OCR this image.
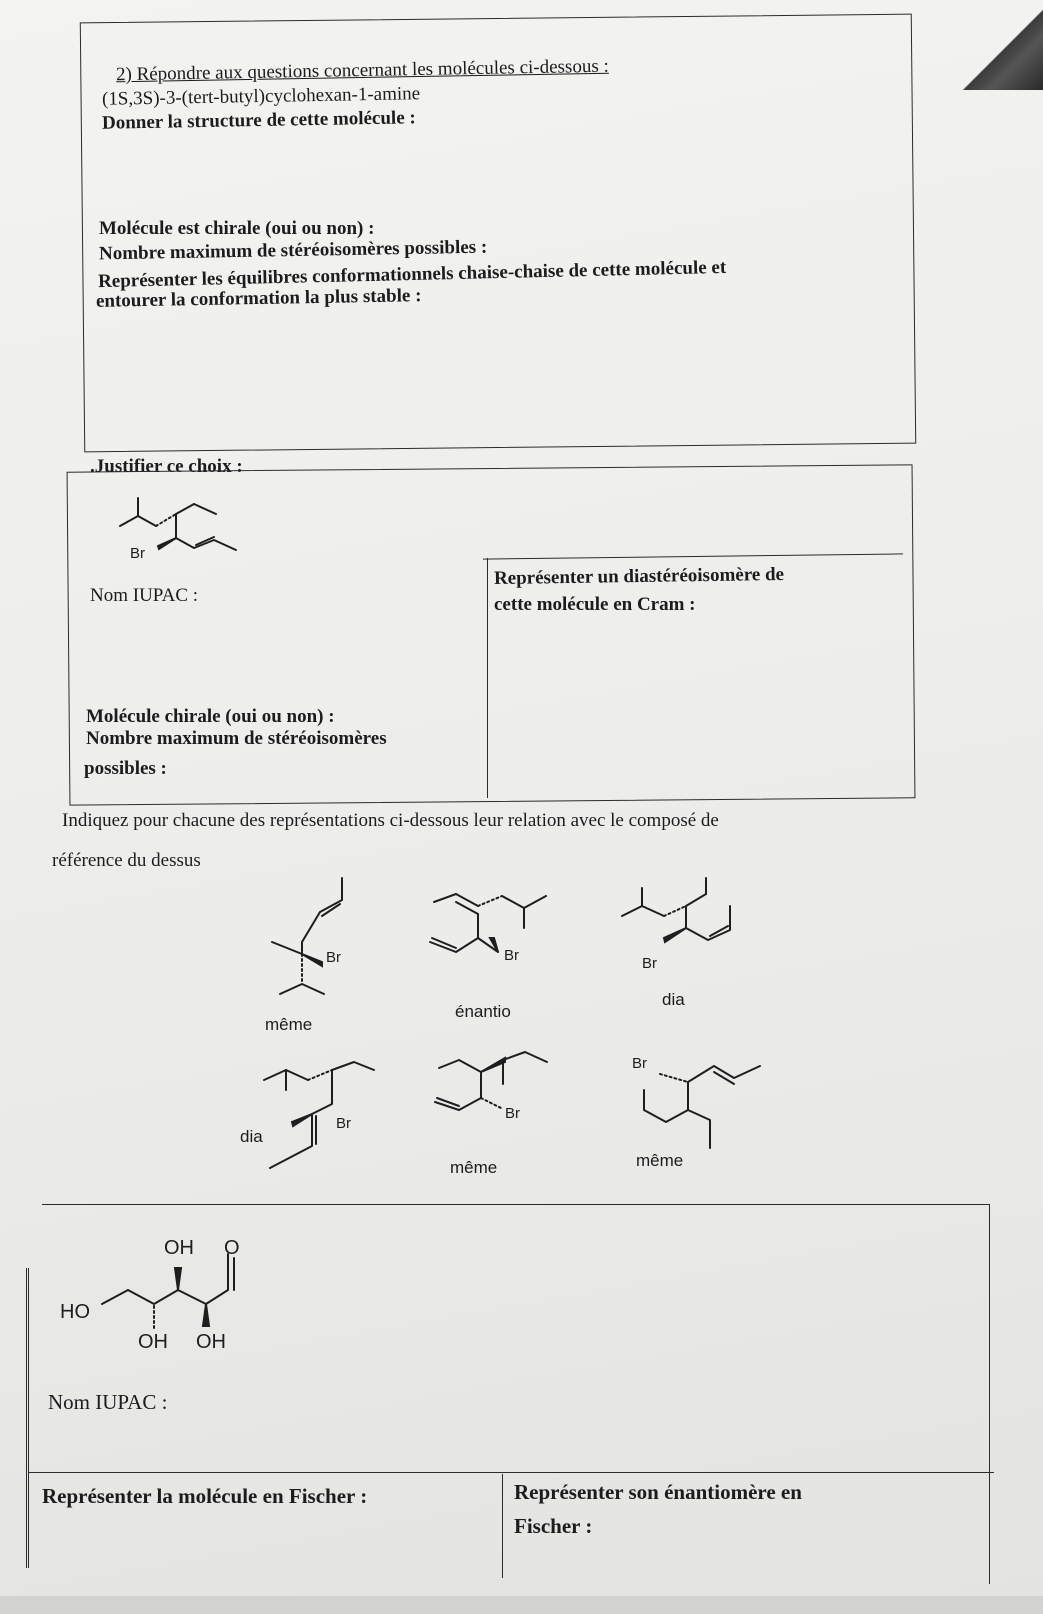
2) Répondre aux questions concernant les molécules ci-dessous :
(1S,3S)-3-(tert-butyl)cyclohexan-1-amine
Donner la structure de cette molécule :
Molécule est chirale (oui ou non) :
Nombre maximum de stéréoisomères possibles :
Représenter les équilibres conformationnels chaise-chaise de cette molécule et
entourer la conformation la plus stable :
.Justifier ce choix :
Br
Nom IUPAC :
Représenter un diastéréoisomère de
cette molécule en Cram :
Molécule chirale (oui ou non) :
Nombre maximum de stéréoisomères
possibles :
Indiquez pour chacune des représentations ci-dessous leur relation avec le composé de
référence du dessus
Br
même
Br
énantio
Br
dia
Br
dia
Br
même
Br
même
OH O
HO
OH OH
Nom IUPAC :
Représenter la molécule en Fischer :	Représenter son énantiomère en
Fischer :
